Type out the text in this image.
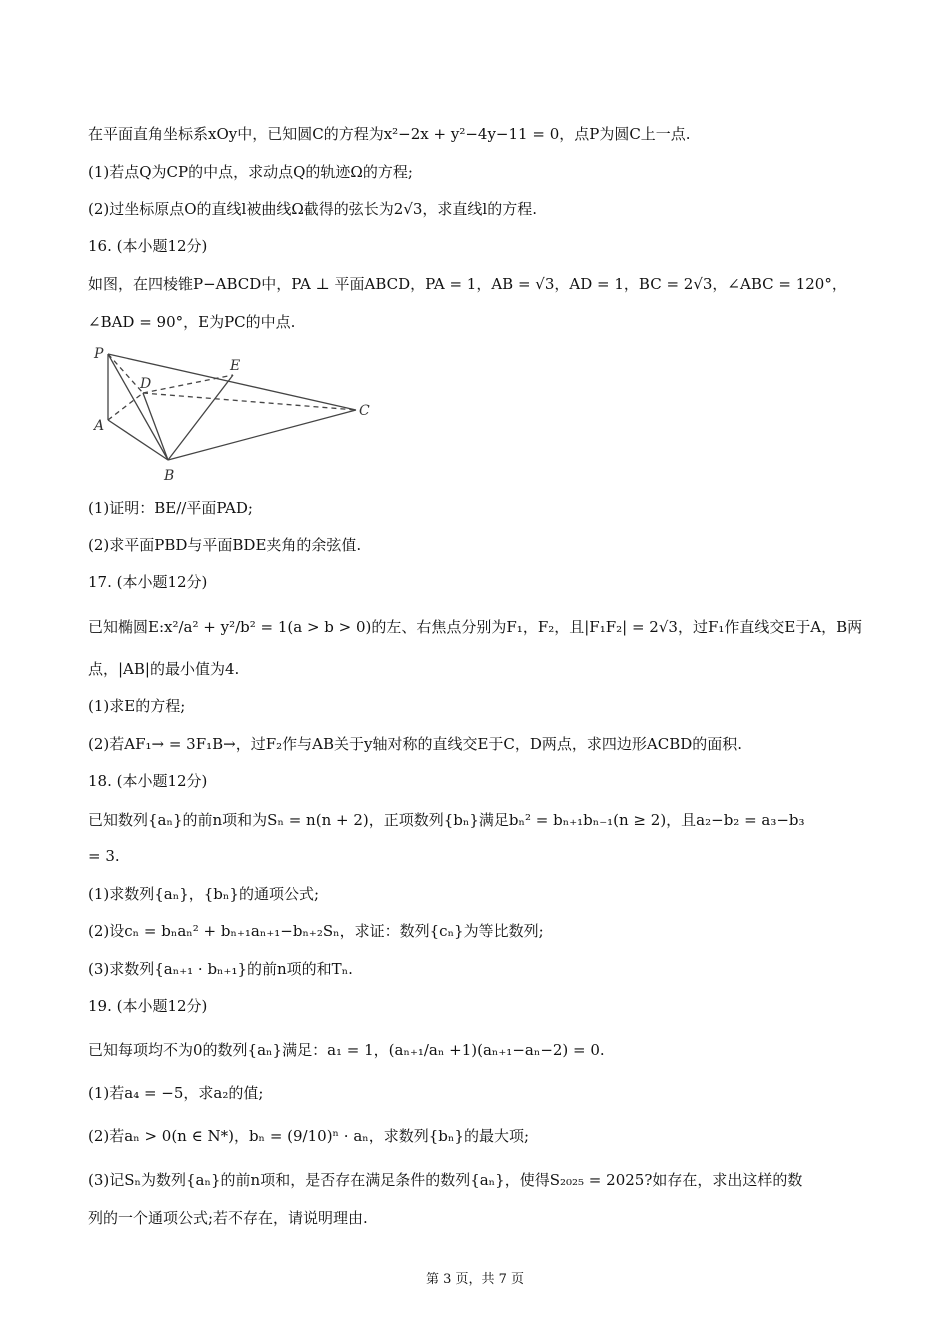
在平面直角坐标系xOy中，已知圆C的方程为x²−2x + y²−4y−11 = 0，点P为圆C上一点.
(1)若点Q为CP的中点，求动点Q的轨迹Ω的方程;
(2)过坐标原点O的直线l被曲线Ω截得的弦长为2√3，求直线l的方程.
16. (本小题12分)
如图，在四棱锥P−ABCD中，PA ⊥ 平面ABCD，PA = 1，AB = √3，AD = 1，BC = 2√3，∠ABC = 120°，
∠BAD = 90°，E为PC的中点.
P
D
E
A
B
C
(1)证明：BE//平面PAD;
(2)求平面PBD与平面BDE夹角的余弦值.
17. (本小题12分)
已知椭圆E:x²/a² + y²/b² = 1(a > b > 0)的左、右焦点分别为F₁，F₂，且|F₁F₂| = 2√3，过F₁作直线交E于A，B两
点，|AB|的最小值为4.
(1)求E的方程;
(2)若AF₁→ = 3F₁B→，过F₂作与AB关于y轴对称的直线交E于C，D两点，求四边形ACBD的面积.
18. (本小题12分)
已知数列{aₙ}的前n项和为Sₙ = n(n + 2)，正项数列{bₙ}满足bₙ² = bₙ₊₁bₙ₋₁(n ≥ 2)，且a₂−b₂ = a₃−b₃
= 3.
(1)求数列{aₙ}，{bₙ}的通项公式;
(2)设cₙ = bₙaₙ² + bₙ₊₁aₙ₊₁−bₙ₊₂Sₙ，求证：数列{cₙ}为等比数列;
(3)求数列{aₙ₊₁ · bₙ₊₁}的前n项的和Tₙ.
19. (本小题12分)
已知每项均不为0的数列{aₙ}满足：a₁ = 1，(aₙ₊₁/aₙ +1)(aₙ₊₁−aₙ−2) = 0.
(1)若a₄ = −5，求a₂的值;
(2)若aₙ > 0(n ∈ N*)，bₙ = (9/10)ⁿ · aₙ，求数列{bₙ}的最大项;
(3)记Sₙ为数列{aₙ}的前n项和，是否存在满足条件的数列{aₙ}，使得S₂₀₂₅ = 2025?如存在，求出这样的数
列的一个通项公式;若不存在，请说明理由.
第 3 页，共 7 页
